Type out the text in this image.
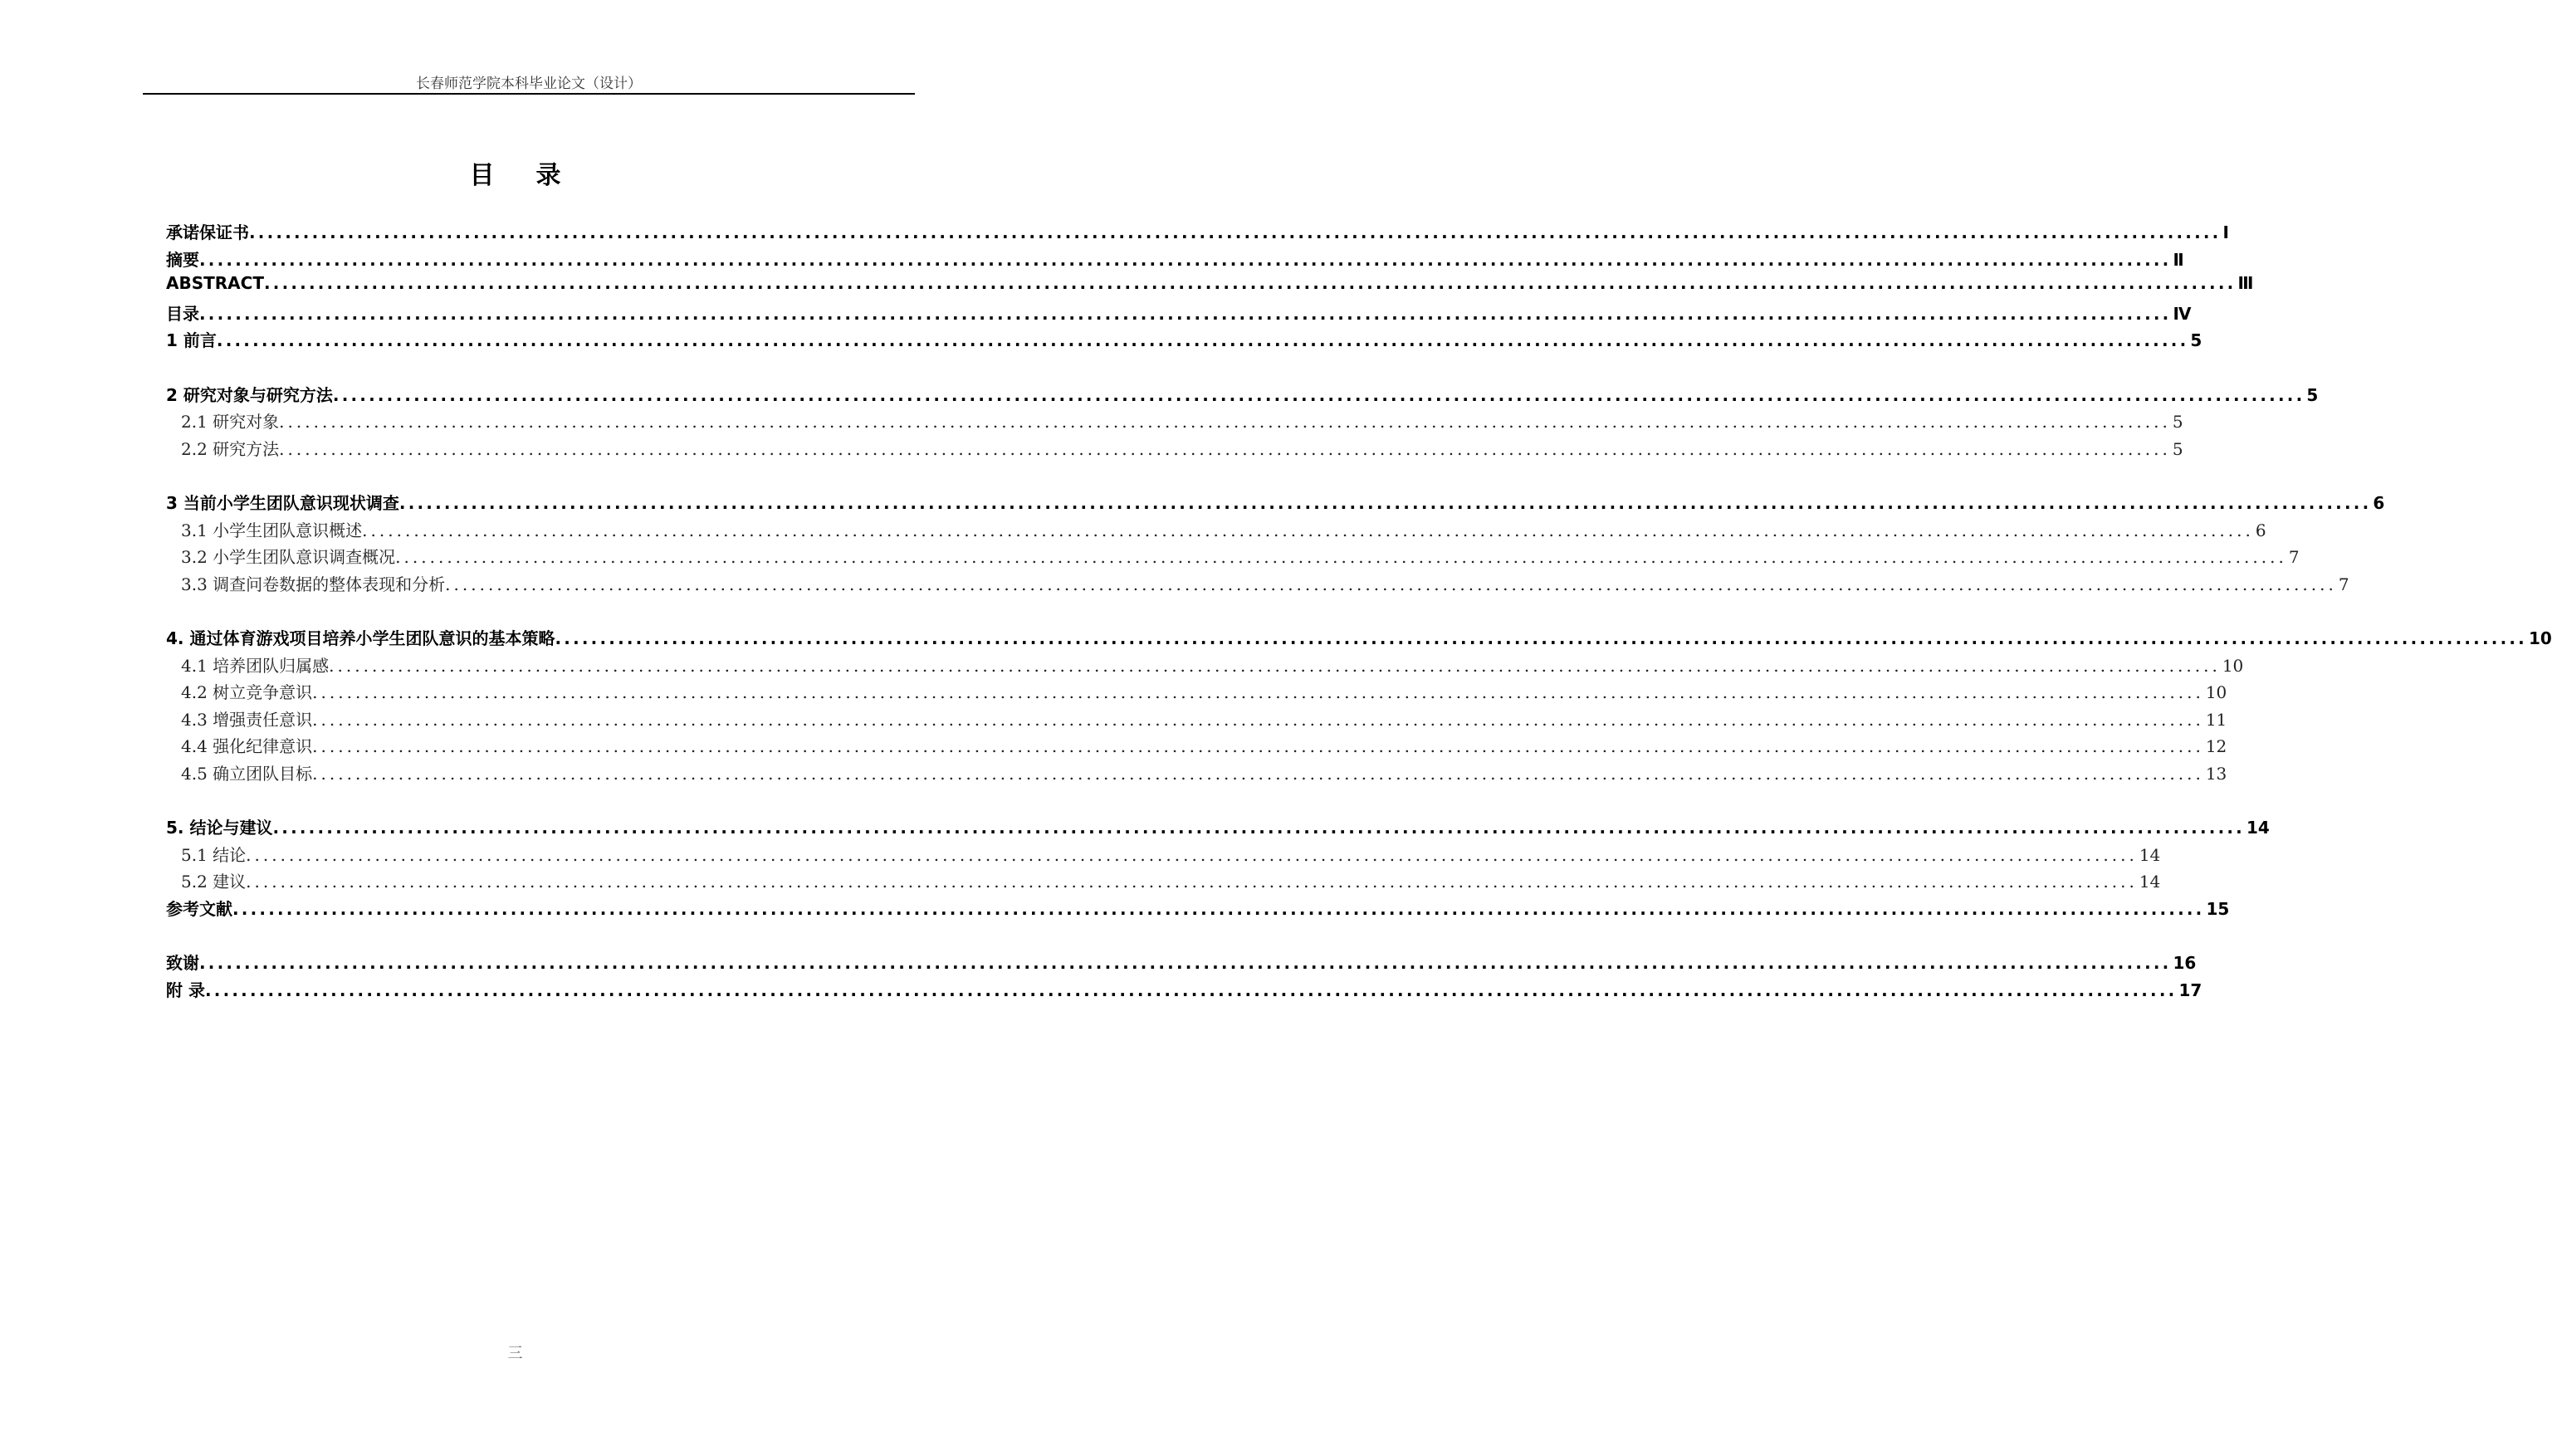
长春师范学院本科毕业论文（设计）
目录
承诺保证书 ............................................................................................................................................................................................................................ Ⅰ
摘要 ............................................................................................................................................................................................................................ Ⅱ
ABSTRACT ............................................................................................................................................................................................................................ Ⅲ
目录 ............................................................................................................................................................................................................................ Ⅳ
1 前言 ............................................................................................................................................................................................................................ 5
2 研究对象与研究方法 ............................................................................................................................................................................................................................ 5
2.1 研究对象 ............................................................................................................................................................................................................................ 5
2.2 研究方法 ............................................................................................................................................................................................................................ 5
3 当前小学生团队意识现状调查 ............................................................................................................................................................................................................................ 6
3.1 小学生团队意识概述 ............................................................................................................................................................................................................................ 6
3.2 小学生团队意识调查概况 ............................................................................................................................................................................................................................ 7
3.3 调查问卷数据的整体表现和分析 ............................................................................................................................................................................................................................ 7
4. 通过体育游戏项目培养小学生团队意识的基本策略 ............................................................................................................................................................................................................................ 10
4.1 培养团队归属感 ............................................................................................................................................................................................................................ 10
4.2 树立竞争意识 ............................................................................................................................................................................................................................ 10
4.3 增强责任意识 ............................................................................................................................................................................................................................ 11
4.4 强化纪律意识 ............................................................................................................................................................................................................................ 12
4.5 确立团队目标 ............................................................................................................................................................................................................................ 13
5. 结论与建议 ............................................................................................................................................................................................................................ 14
5.1 结论 ............................................................................................................................................................................................................................ 14
5.2 建议 ............................................................................................................................................................................................................................ 14
参考文献 ............................................................................................................................................................................................................................ 15
致谢 ............................................................................................................................................................................................................................ 16
附 录 ............................................................................................................................................................................................................................ 17
三
